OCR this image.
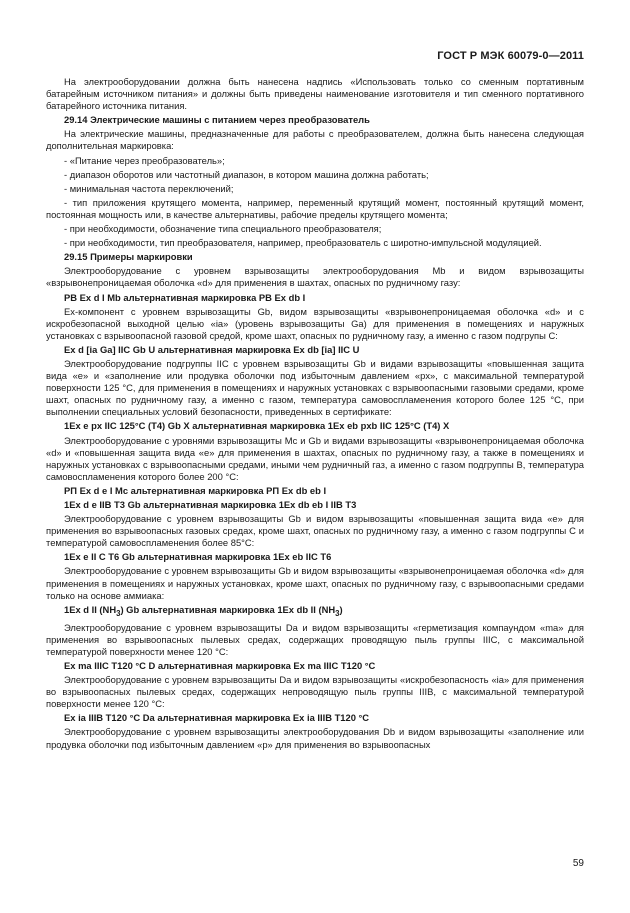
ГОСТ Р МЭК 60079-0—2011

На электрооборудовании должна быть нанесена надпись «Использовать только со сменным портативным батарейным источником питания» и должны быть приведены наименование изготовителя и тип сменного портативного батарейного источника питания.

29.14 Электрические машины с питанием через преобразователь

На электрические машины, предназначенные для работы с преобразователем, должна быть нанесена следующая дополнительная маркировка:

- «Питание через преобразователь»;

- диапазон оборотов или частотный диапазон, в котором машина должна работать;

- минимальная частота переключений;

- тип приложения крутящего момента, например, переменный крутящий момент, постоянный крутящий момент, постоянная мощность или, в качестве альтернативы, рабочие пределы крутящего момента;

- при необходимости, обозначение типа специального преобразователя;

- при необходимости, тип преобразователя, например, преобразователь с широтно-импульсной модуляцией.

29.15 Примеры маркировки

Электрооборудование с уровнем взрывозащиты электрооборудования Mb и видом взрывозащиты «взрывонепроницаемая оболочка «d» для применения в шахтах, опасных по рудничному газу:

PB Ex d I Mb альтернативная маркировка PB Ex db I

Ex-компонент с уровнем взрывозащиты Gb, видом взрывозащиты «взрывонепроницаемая оболочка «d» и с искробезопасной выходной целью «ia» (уровень взрывозащиты Ga) для применения в помещениях и наружных установках с взрывоопасной газовой средой, кроме шахт, опасных по рудничному газу, а именно с газом подгрупы С:

Ex d [ia Ga] IIC Gb U альтернативная маркировка Ex db [ia] IIC U

Электрооборудование подгруппы IIC с уровнем взрывозащиты Gb и видами взрывозащиты «повышенная защита вида «е» и «заполнение или продувка оболочки под избыточным давлением «px», с максимальной температурой поверхности 125 °С, для применения в помещениях и наружных установках с взрывоопасными газовыми средами, кроме шахт, опасных по рудничному газу, а именно с газом, температура самовоспламенения которого более 125 °С, при выполнении специальных условий безопасности, приведенных в сертификате:

1Ex e px IIC 125°C (T4) Gb X альтернативная маркировка 1Ex eb pxb IIC 125°C (T4) X

Электрооборудование с уровнями взрывозащиты Mc и Gb и видами взрывозащиты «взрывонепроницаемая оболочка «d» и «повышенная защита вида «е» для применения в шахтах, опасных по рудничному газу, а также в помещениях и наружных установках с взрывоопасными средами, иными чем рудничный газ, а именно с газом подгруппы В, температура самовоспламенения которого более 200 °С:

РП Ex d e I Mc альтернативная маркировка РП Ex db eb I

1Ex d e IIB T3 Gb альтернативная маркировка 1Ex db eb I IIB T3

Электрооборудование с уровнем взрывозащиты Gb и видом взрывозащиты «повышенная защита вида «е» для применения во взрывоопасных газовых средах, кроме шахт, опасных по рудничному газу, а именно с газом подгруппы С и температурой самовоспламенения более 85°С:

1Ex e II C T6 Gb альтернативная маркировка 1Ex eb IIC T6

Электрооборудование с уровнем взрывозащиты Gb и видом взрывозащиты «взрывонепроницаемая оболочка «d» для применения в помещениях и наружных установках, кроме шахт, опасных по рудничному газу, с взрывоопасными средами только на основе аммиака:

1Ex d II $(NH_3)$ Gb альтернативная маркировка 1Ex db II $(NH_3)$

Электрооборудование с уровнем взрывозащиты Da и видом взрывозащиты «герметизация компаундом «ma» для применения во взрывоопасных пылевых средах, содержащих проводящую пыль группы IIIC, с максимальной температурой поверхности менее 120 °С:

Ex ma IIIC T120 °C D альтернативная маркировка Ex ma IIIC T120 °C

Электрооборудование с уровнем взрывозащиты Da и видом взрывозащиты «искробезопасность «ia» для применения во взрывоопасных пылевых средах, содержащих непроводящую пыль группы IIIB, с максимальной температурой поверхности менее 120 °С:

Ex ia IIIB T120 °C Da альтернативная маркировка Ex ia IIIB T120 °C

Электрооборудование с уровнем взрывозащиты электрооборудования Db и видом взрывозащиты «заполнение или продувка оболочки под избыточным давлением «р» для применения во взрывоопасных

59
